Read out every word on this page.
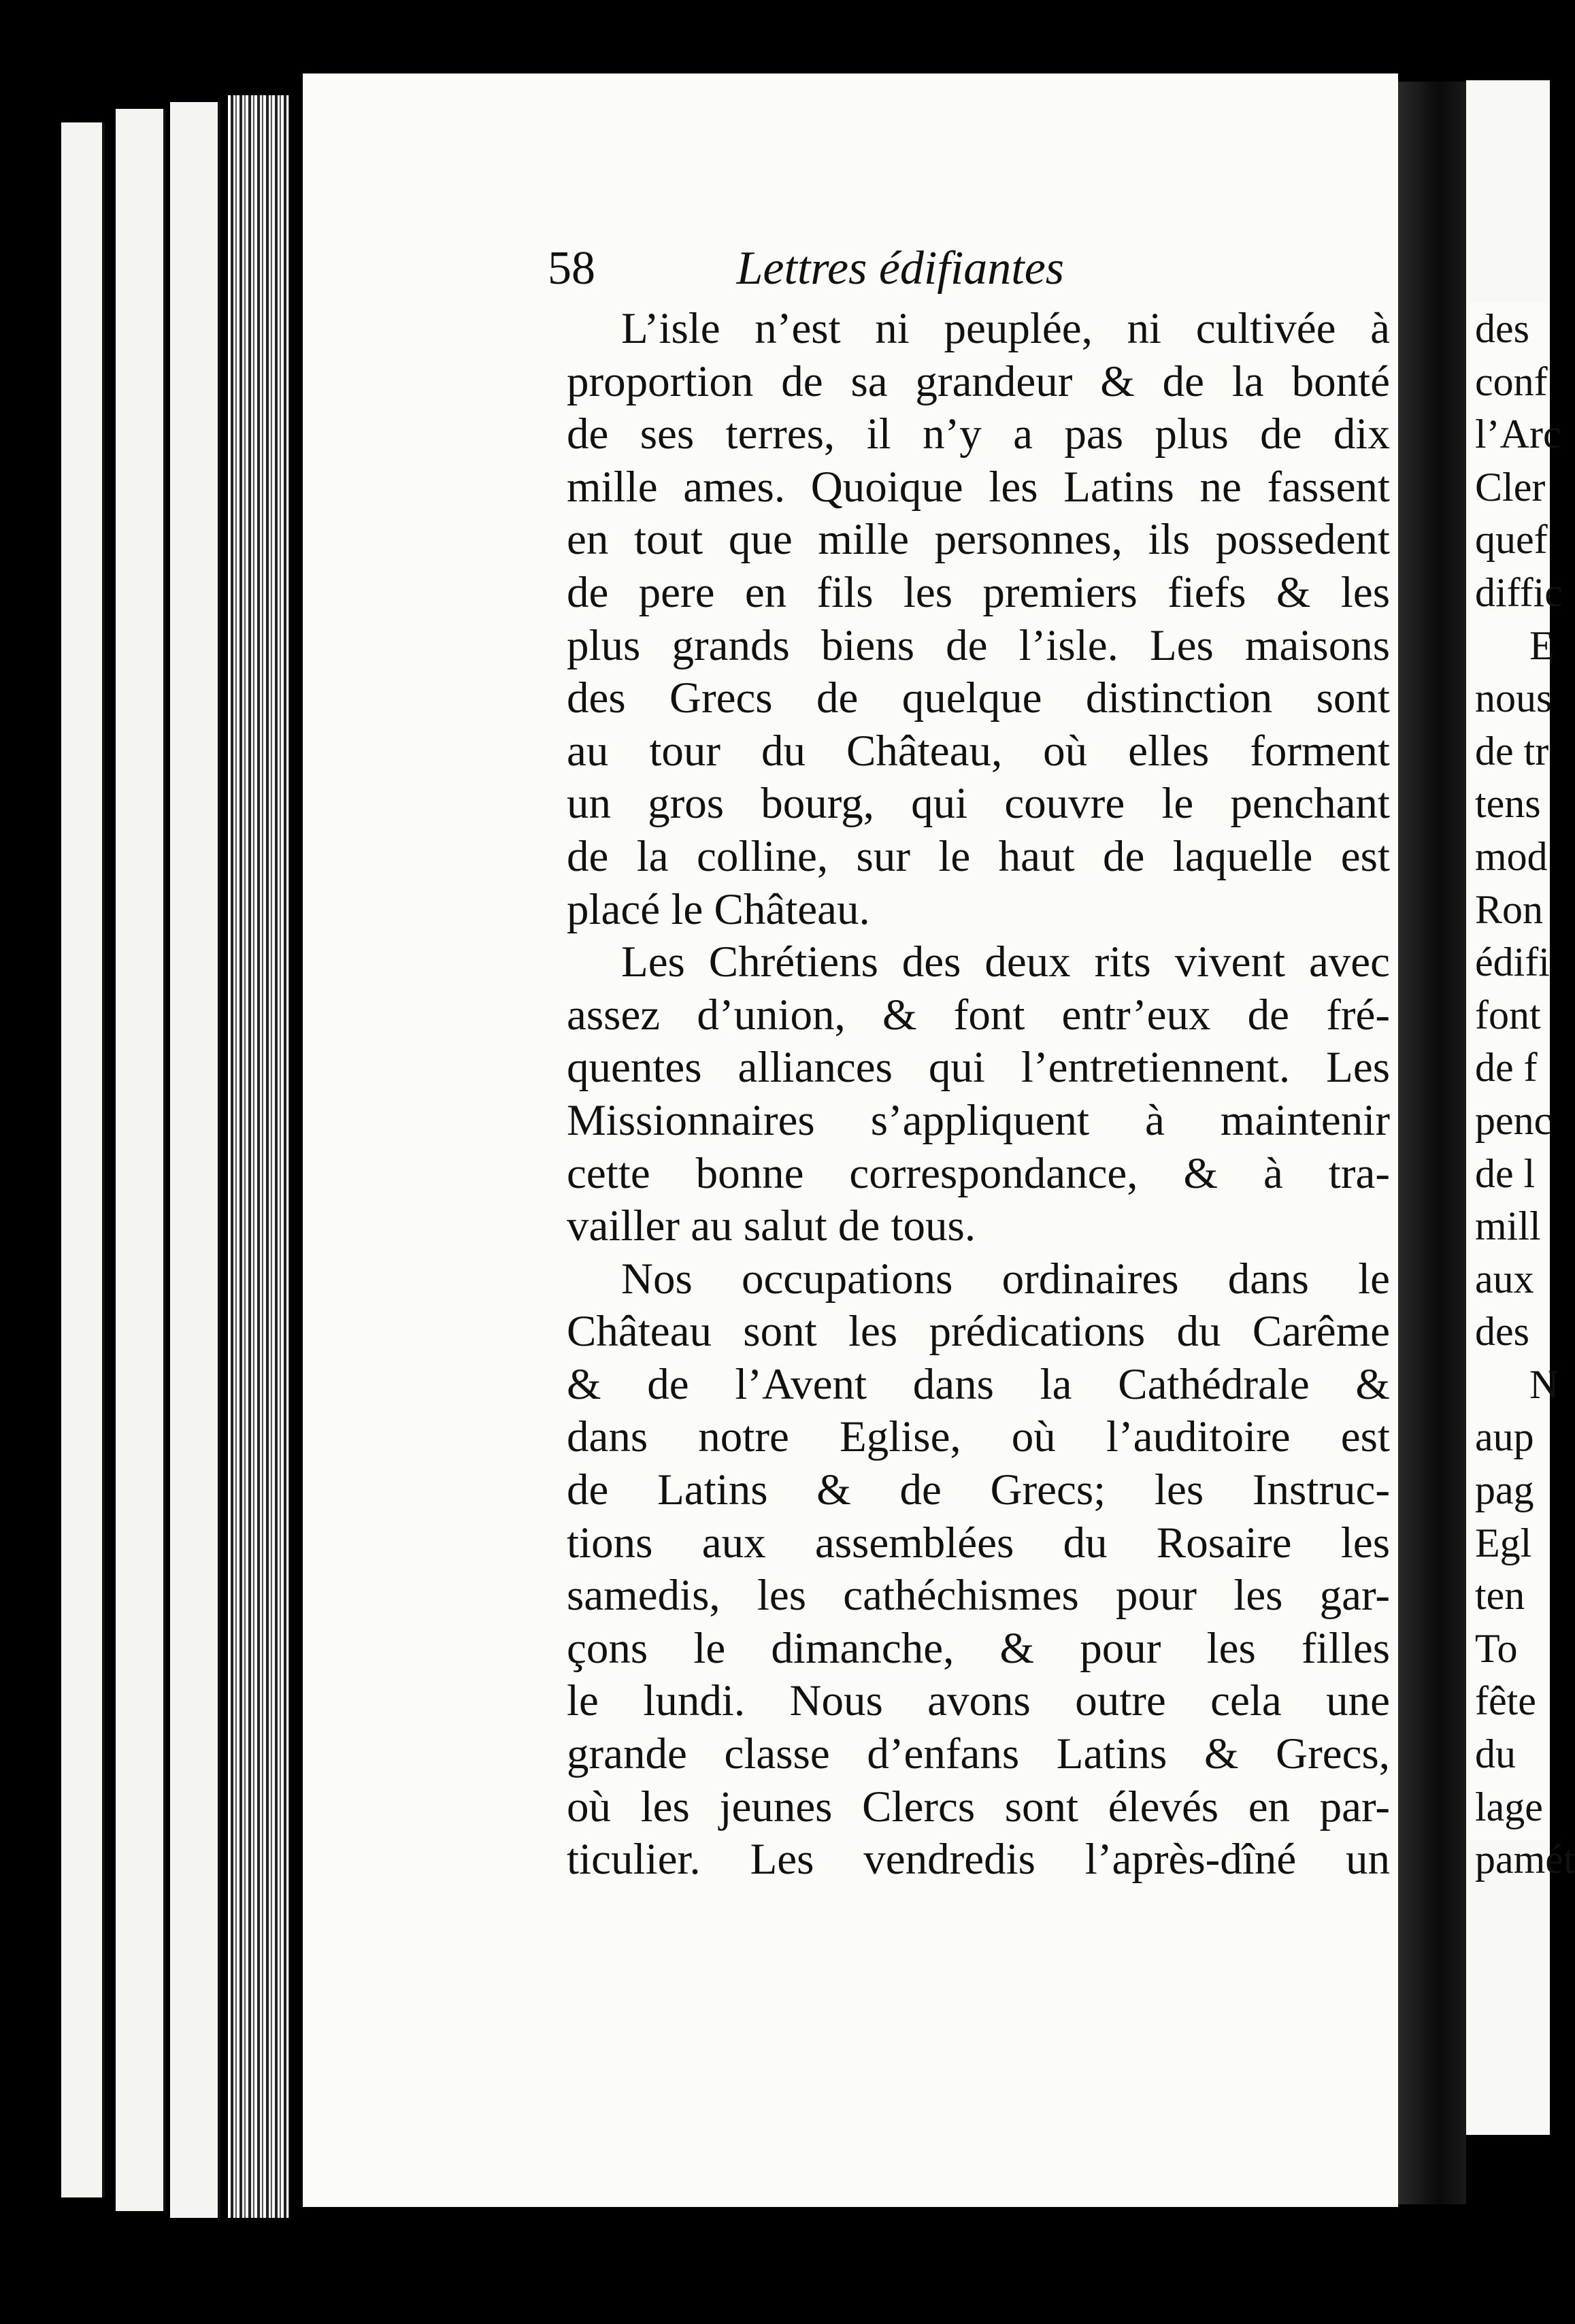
58	Lettres édifiantes
L’isle n’est ni peuplée, ni cultivée à
proportion de sa grandeur & de la bonté
de ses terres, il n’y a pas plus de dix
mille ames. Quoique les Latins ne fassent
en tout que mille personnes, ils possedent
de pere en fils les premiers fiefs & les
plus grands biens de l’isle. Les maisons
des Grecs de quelque distinction sont
au tour du Château, où elles forment
un gros bourg, qui couvre le penchant
de la colline, sur le haut de laquelle est
placé le Château.
Les Chrétiens des deux rits vivent avec
assez d’union, & font entr’eux de fré-
quentes alliances qui l’entretiennent. Les
Missionnaires s’appliquent à maintenir
cette bonne correspondance, & à tra-
vailler au salut de tous.
Nos occupations ordinaires dans le
Château sont les prédications du Carême
& de l’Avent dans la Cathédrale &
dans notre Eglise, où l’auditoire est
de Latins & de Grecs; les Instruc-
tions aux assemblées du Rosaire les
samedis, les cathéchismes pour les gar-
çons le dimanche, & pour les filles
le lundi. Nous avons outre cela une
grande classe d’enfans Latins & Grecs,
où les jeunes Clercs sont élevés en par-
ticulier. Les vendredis l’après-dîné un
des
conf
l’Arc
Cler
quef
diffic
E
nous
de tr
tens
mod
Ron
édifi
font
de f
penc
de l
mill
aux
des
N
aup
pag
Egl
ten
To
fête
du
lage
pamét
